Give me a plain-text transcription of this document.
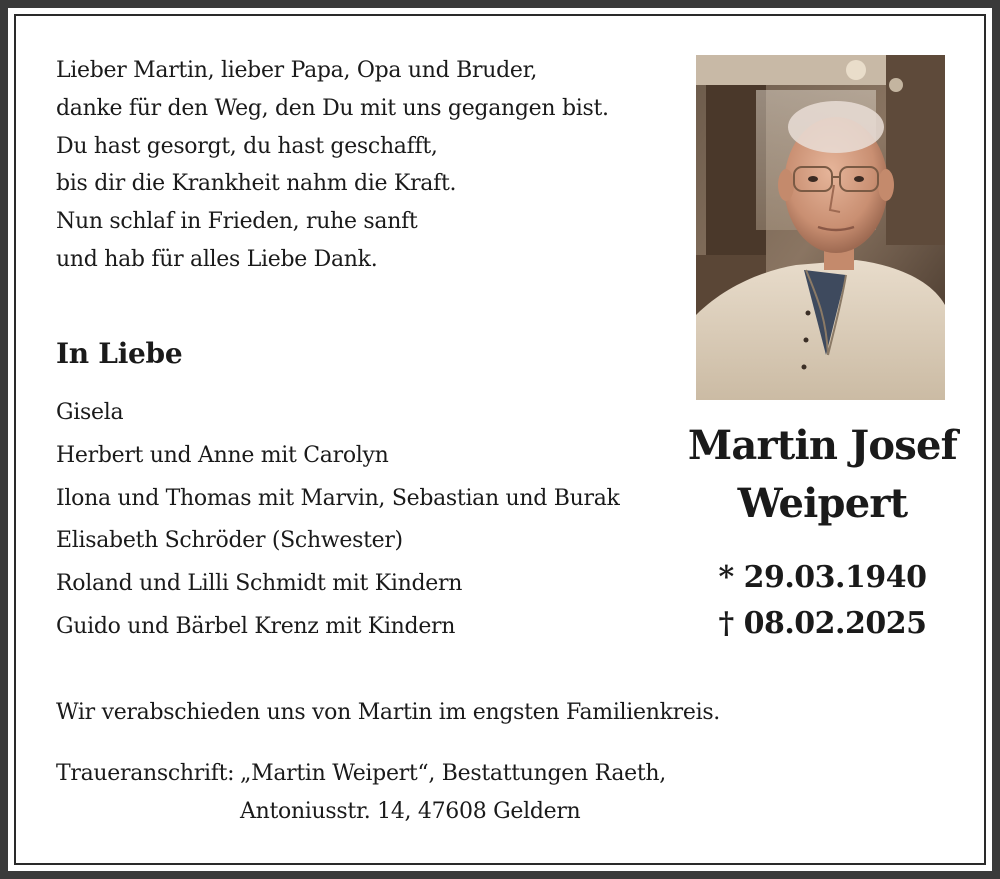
Lieber Martin, lieber Papa, Opa und Bruder,
danke für den Weg, den Du mit uns gegangen bist.
Du hast gesorgt, du hast geschafft,
bis dir die Krankheit nahm die Kraft.
Nun schlaf in Frieden, ruhe sanft
und hab für alles Liebe Dank.
In Liebe
Gisela
Herbert und Anne mit Carolyn
Ilona und Thomas mit Marvin, Sebastian und Burak
Elisabeth Schröder (Schwester)
Roland und Lilli Schmidt mit Kindern
Guido und Bärbel Krenz mit Kindern
Martin Josef
Weipert
* 29.03.1940
† 08.02.2025
Wir verabschieden uns von Martin im engsten Familienkreis.
Traueranschrift: „Martin Weipert“, Bestattungen Raeth,
Antoniusstr. 14, 47608 Geldern
